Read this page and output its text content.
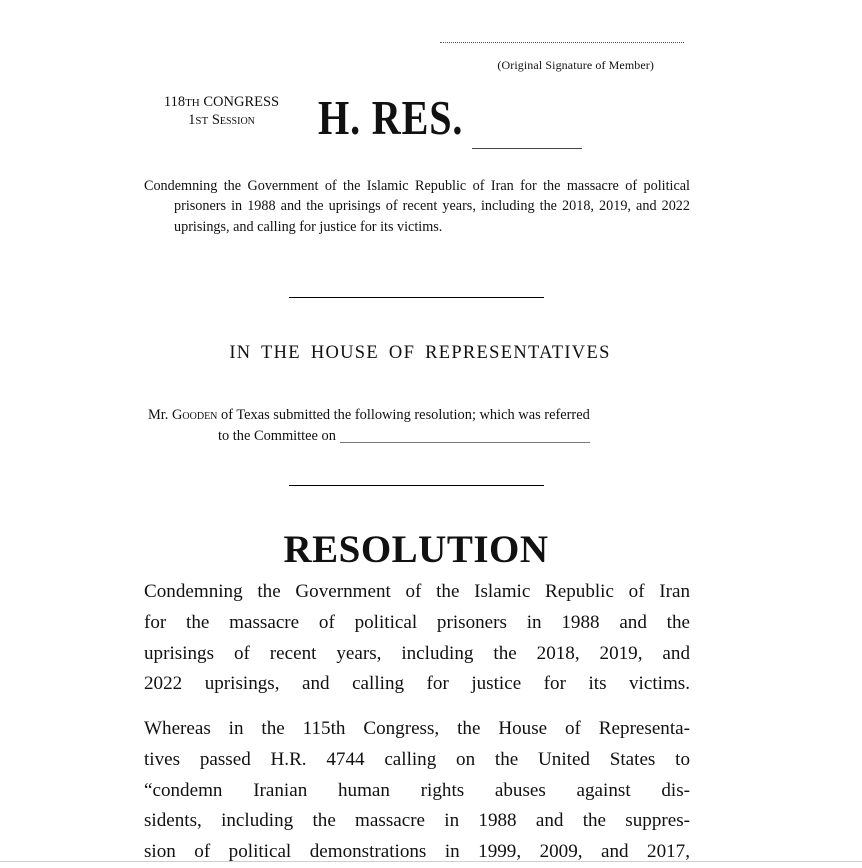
(Original Signature of Member)
118TH CONGRESS
1ST Session	H. RES.
Condemning the Government of the Islamic Republic of Iran for the massacre of political prisoners in 1988 and the uprisings of recent years, including the 2018, 2019, and 2022 uprisings, and calling for justice for its victims.
IN THE HOUSE OF REPRESENTATIVES
Mr. Gooden of Texas submitted the following resolution; which was referred
to the Committee on
RESOLUTION
Condemning the Government of the Islamic Republic of Iran
for the massacre of political prisoners in 1988 and the
uprisings of recent years, including the 2018, 2019, and
2022 uprisings, and calling for justice for its victims.
Whereas in the 115th Congress, the House of Representa-
tives passed H.R. 4744 calling on the United States to
“condemn Iranian human rights abuses against dis-
sidents, including the massacre in 1988 and the suppres-
sion of political demonstrations in 1999, 2009, and 2017,
